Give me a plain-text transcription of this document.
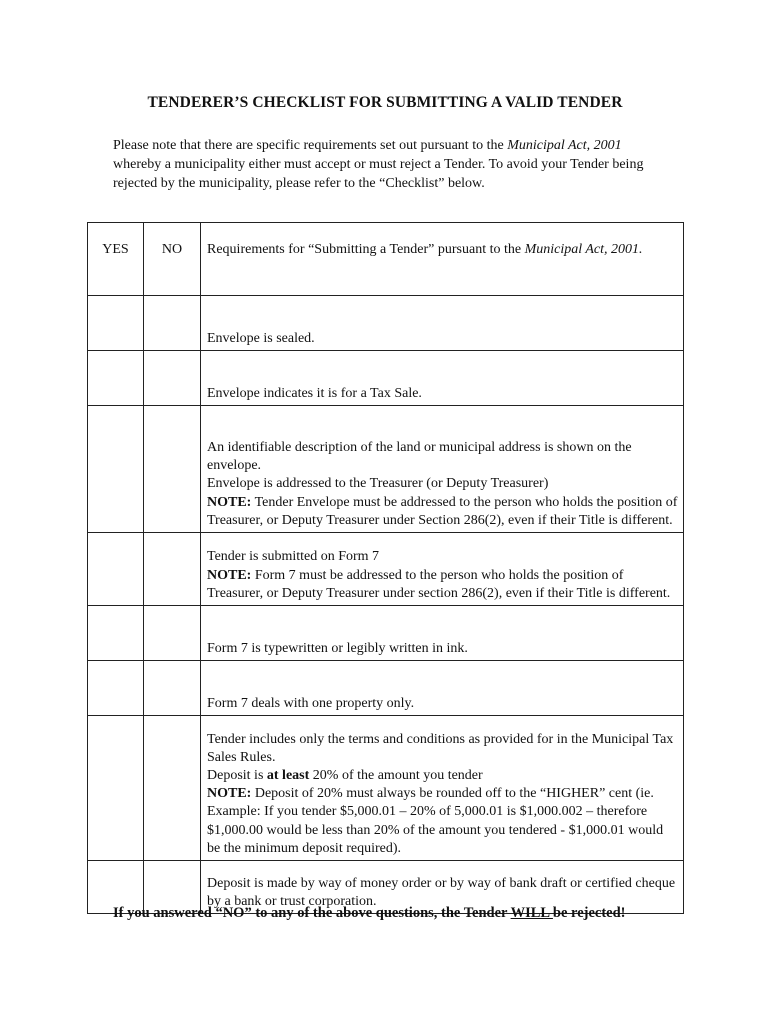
TENDERER’S CHECKLIST FOR SUBMITTING A VALID TENDER
Please note that there are specific requirements set out pursuant to the Municipal Act, 2001 whereby a municipality either must accept or must reject a Tender. To avoid your Tender being rejected by the municipality, please refer to the “Checklist” below.
YES	NO	Requirements for “Submitting a Tender” pursuant to the Municipal Act, 2001.
		Envelope is sealed.
		Envelope indicates it is for a Tax Sale.

		An identifiable description of the land or municipal address is shown on the envelope.
Envelope is addressed to the Treasurer (or Deputy Treasurer)
NOTE: Tender Envelope must be addressed to the person who holds the position of Treasurer, or Deputy Treasurer under Section 286(2), even if their Title is different.

		Tender is submitted on Form 7
NOTE: Form 7 must be addressed to the person who holds the position of Treasurer, or Deputy Treasurer under section 286(2), even if their Title is different.

		Form 7 is typewritten or legibly written in ink.
		Form 7 deals with one property only.

		Tender includes only the terms and conditions as provided for in the Municipal Tax Sales Rules.
Deposit is at least 20% of the amount you tender
NOTE: Deposit of 20% must always be rounded off to the “HIGHER” cent (ie. Example: If you tender $5,000.01 – 20% of 5,000.01 is $1,000.002 – therefore $1,000.00 would be less than 20% of the amount you tendered - $1,000.01 would be the minimum deposit required).

		Deposit is made by way of money order or by way of bank draft or certified cheque by a bank or trust corporation.
If you answered “NO” to any of the above questions, the Tender WILL be rejected!
